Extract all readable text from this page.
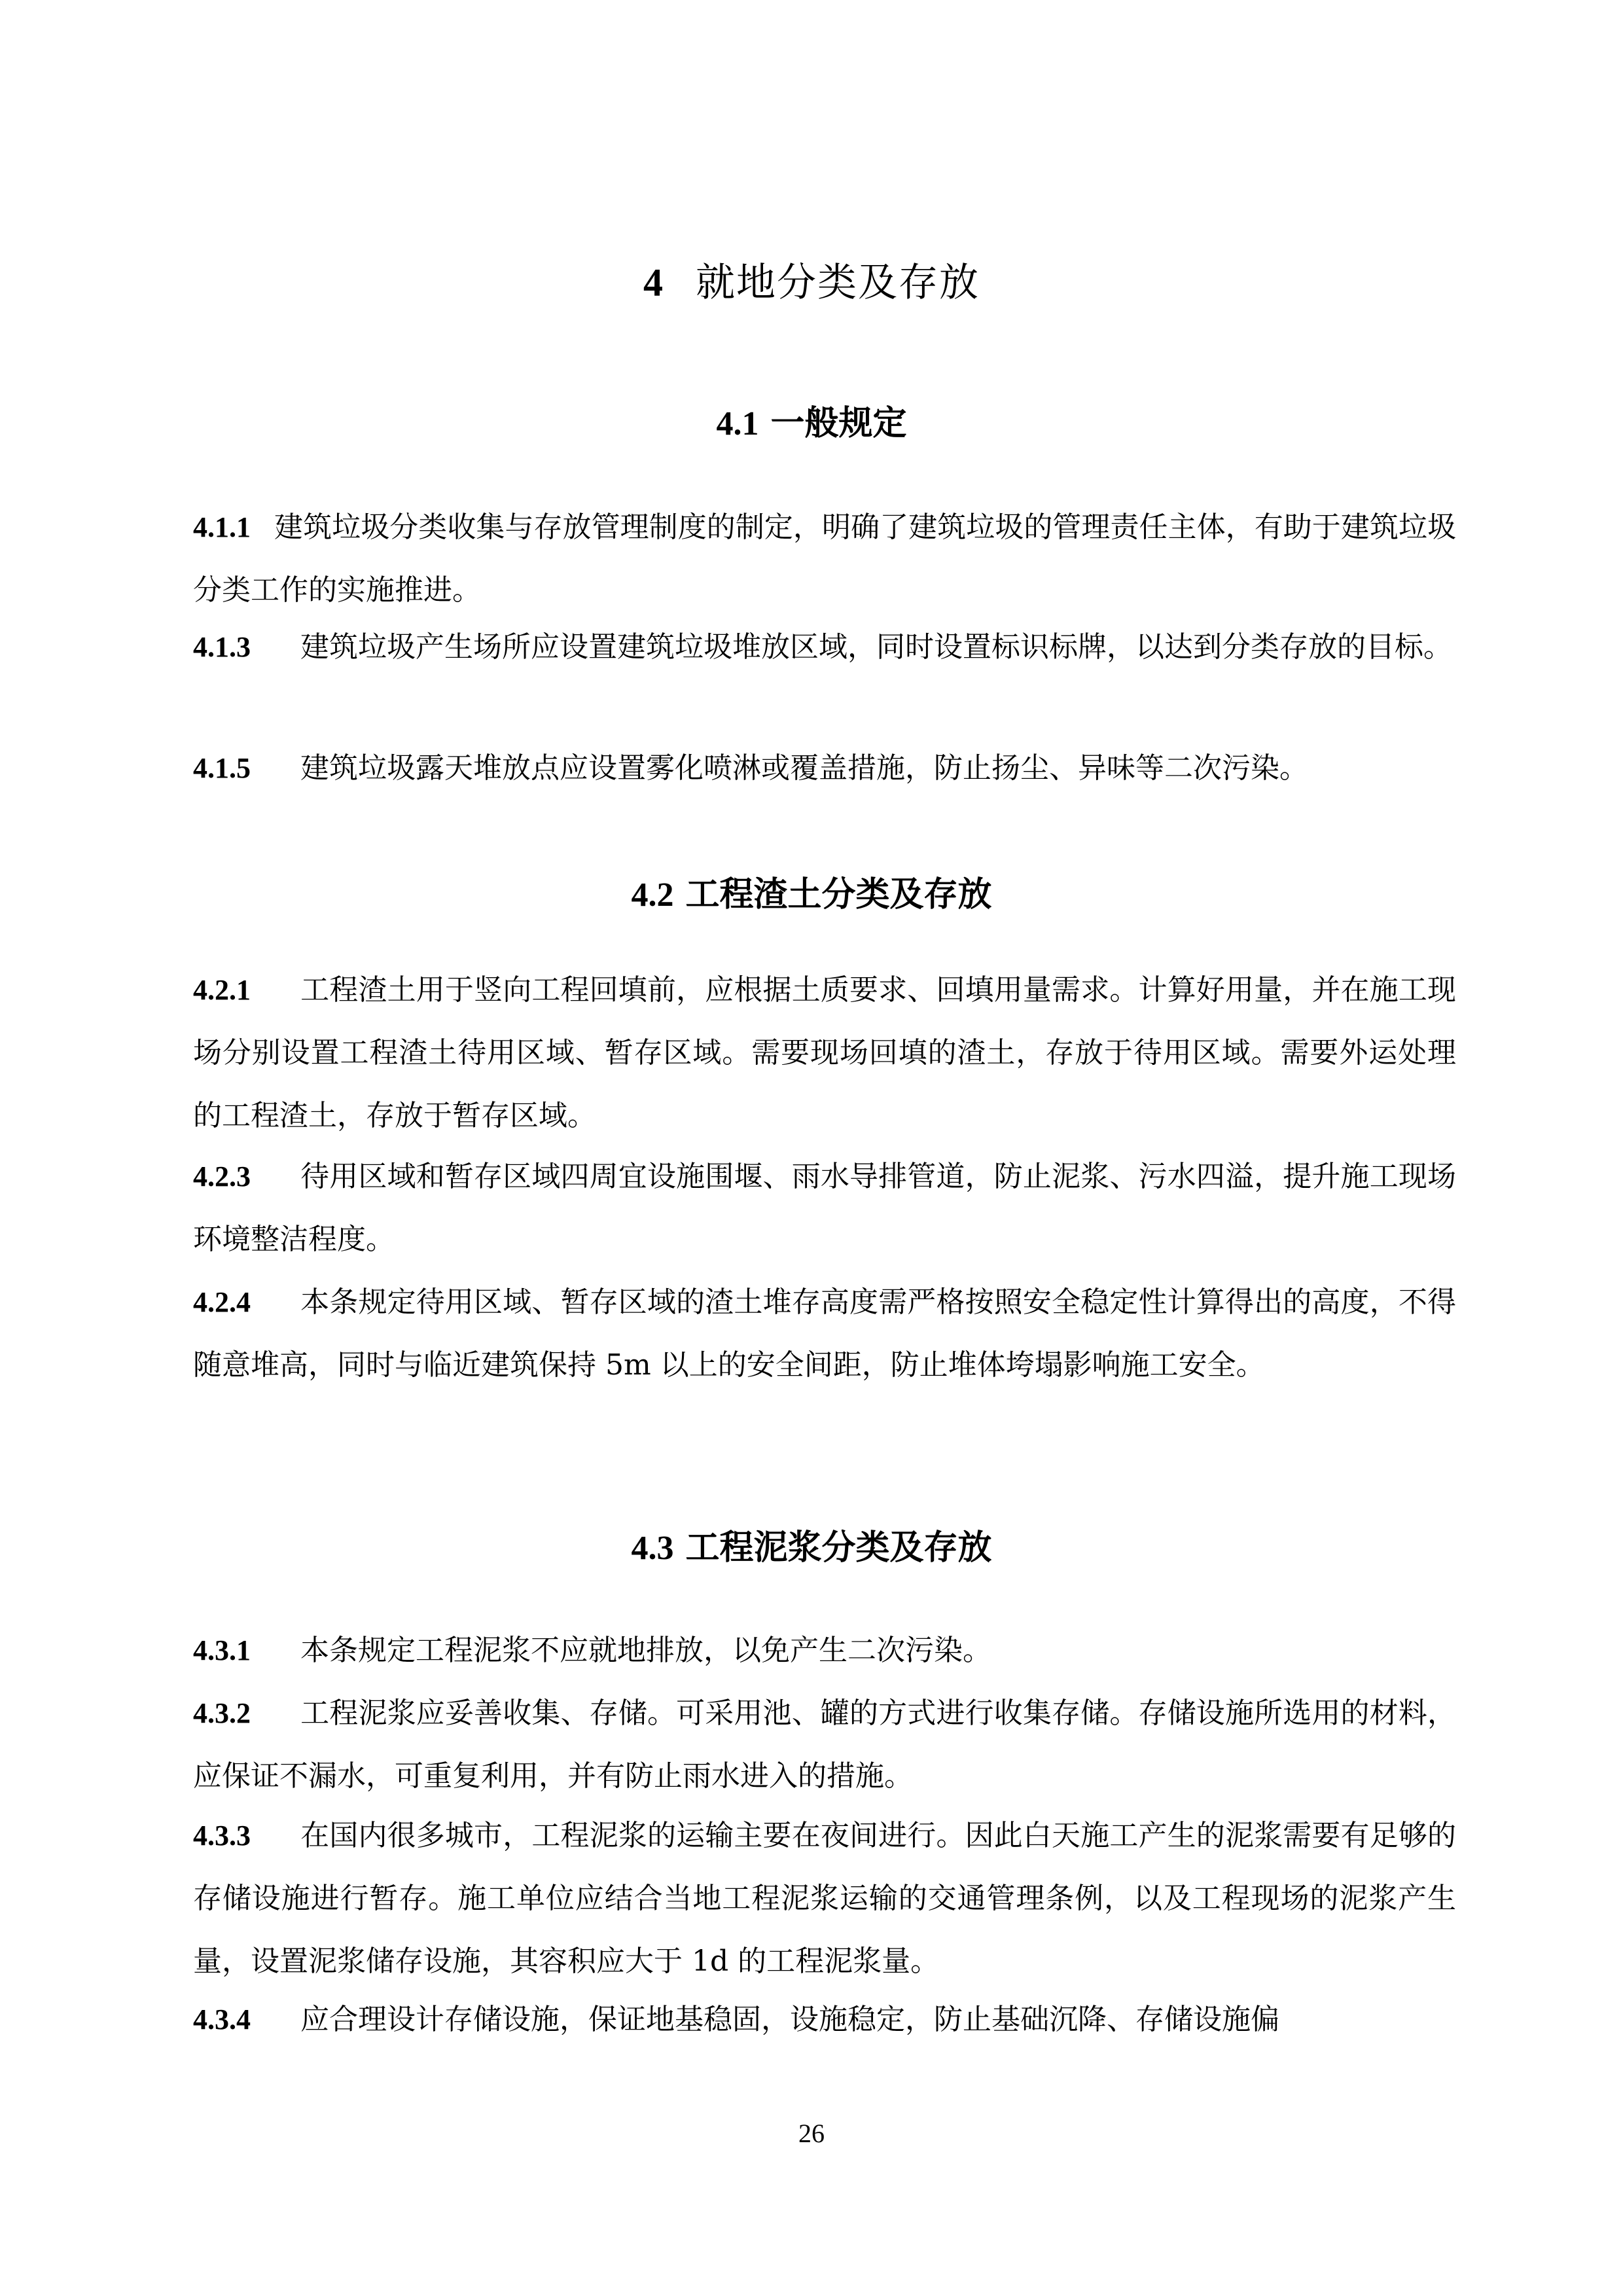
4 就地分类及存放
4.1 一般规定
4.1.1 建筑垃圾分类收集与存放管理制度的制定，明确了建筑垃圾的管理责任主体，有助于建筑垃圾分类工作的实施推进。
4.1.3 建筑垃圾产生场所应设置建筑垃圾堆放区域，同时设置标识标牌，以达到分类存放的目标。
4.1.5 建筑垃圾露天堆放点应设置雾化喷淋或覆盖措施，防止扬尘、异味等二次污染。
4.2 工程渣土分类及存放
4.2.1 工程渣土用于竖向工程回填前，应根据土质要求、回填用量需求。计算好用量，并在施工现场分别设置工程渣土待用区域、暂存区域。需要现场回填的渣土，存放于待用区域。需要外运处理的工程渣土，存放于暂存区域。
4.2.3 待用区域和暂存区域四周宜设施围堰、雨水导排管道，防止泥浆、污水四溢，提升施工现场环境整洁程度。
4.2.4 本条规定待用区域、暂存区域的渣土堆存高度需严格按照安全稳定性计算得出的高度，不得随意堆高，同时与临近建筑保持 5m 以上的安全间距，防止堆体垮塌影响施工安全。
4.3 工程泥浆分类及存放
4.3.1 本条规定工程泥浆不应就地排放，以免产生二次污染。
4.3.2 工程泥浆应妥善收集、存储。可采用池、罐的方式进行收集存储。存储设施所选用的材料，应保证不漏水，可重复利用，并有防止雨水进入的措施。
4.3.3 在国内很多城市，工程泥浆的运输主要在夜间进行。因此白天施工产生的泥浆需要有足够的存储设施进行暂存。施工单位应结合当地工程泥浆运输的交通管理条例，以及工程现场的泥浆产生量，设置泥浆储存设施，其容积应大于 1d 的工程泥浆量。
4.3.4 应合理设计存储设施，保证地基稳固，设施稳定，防止基础沉降、存储设施偏
26
